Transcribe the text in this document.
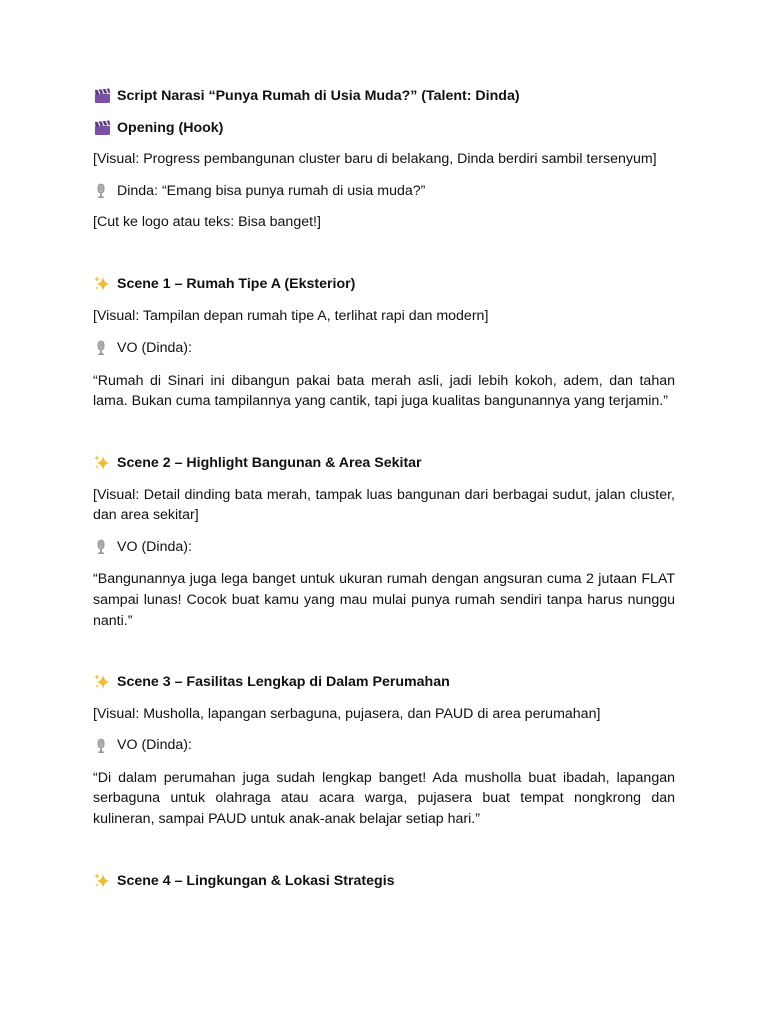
Script Narasi “Punya Rumah di Usia Muda?” (Talent: Dinda)

Opening (Hook)

[Visual: Progress pembangunan cluster baru di belakang, Dinda berdiri sambil tersenyum]

Dinda: “Emang bisa punya rumah di usia muda?”

[Cut ke logo atau teks: Bisa banget!]

Scene 1 – Rumah Tipe A (Eksterior)

[Visual: Tampilan depan rumah tipe A, terlihat rapi dan modern]

VO (Dinda):

“Rumah di Sinari ini dibangun pakai bata merah asli, jadi lebih kokoh, adem, dan tahan lama. Bukan cuma tampilannya yang cantik, tapi juga kualitas bangunannya yang terjamin.”

Scene 2 – Highlight Bangunan & Area Sekitar

[Visual: Detail dinding bata merah, tampak luas bangunan dari berbagai sudut, jalan cluster, dan area sekitar]

VO (Dinda):

“Bangunannya juga lega banget untuk ukuran rumah dengan angsuran cuma 2 jutaan FLAT sampai lunas! Cocok buat kamu yang mau mulai punya rumah sendiri tanpa harus nunggu nanti.”

Scene 3 – Fasilitas Lengkap di Dalam Perumahan

[Visual: Musholla, lapangan serbaguna, pujasera, dan PAUD di area perumahan]

VO (Dinda):

“Di dalam perumahan juga sudah lengkap banget! Ada musholla buat ibadah, lapangan serbaguna untuk olahraga atau acara warga, pujasera buat tempat nongkrong dan kulineran, sampai PAUD untuk anak-anak belajar setiap hari.”

Scene 4 – Lingkungan & Lokasi Strategis
